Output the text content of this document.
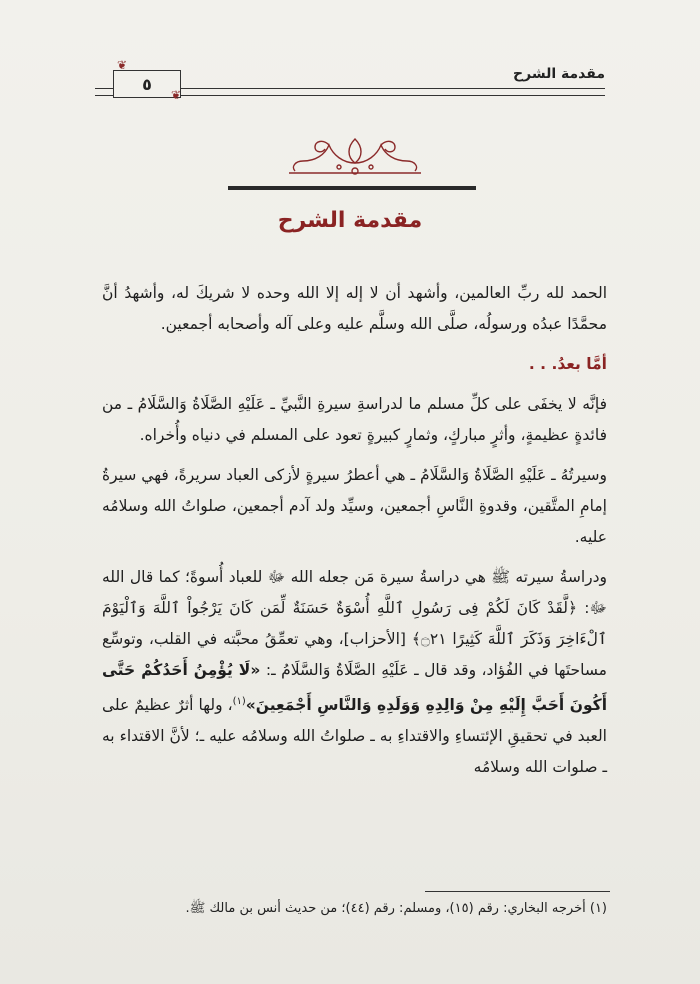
٥
❦
❦
مقدمة الشرح
مقدمة الشرح

الحمد لله ربِّ العالمين، وأشهد أن لا إله إلا الله وحده لا شريكَ له، وأشهدُ أنَّ محمَّدًا عبدُه ورسولُه، صلَّى الله وسلَّم عليه وعلى آله وأصحابه أجمعين.

أمَّا بعدُ. . .

فإنَّه لا يخفَى على كلِّ مسلم ما لدراسةِ سيرةِ النَّبيِّ ـ عَلَيْهِ الصَّلَاةُ وَالسَّلَامُ ـ من فائدةٍ عظيمةٍ، وأثرٍ مباركٍ، وثمارٍ كبيرةٍ تعود على المسلم في دنياه وأُخراه.

وسيرتُهُ ـ عَلَيْهِ الصَّلَاةُ وَالسَّلَامُ ـ هي أعطرُ سيرةٍ لأزكى العباد سريرةً، فهي سيرةُ إمامِ المتَّقين، وقدوةِ النَّاسِ أجمعين، وسيِّد ولد آدم أجمعين، صلواتُ الله وسلامُه عليه.

ودراسةُ سيرته ﷺ هي دراسةُ سيرة مَن جعله الله ﷻ للعباد أُسوةً؛ كما قال الله ﷻ: ﴿لَّقَدْ كَانَ لَكُمْ فِى رَسُولِ ٱللَّهِ أُسْوَةٌ حَسَنَةٌ لِّمَن كَانَ يَرْجُواْ ٱللَّهَ وَٱلْيَوْمَ ٱلْءَاخِرَ وَذَكَرَ ٱللَّهَ كَثِيرًا ۝٢١﴾ [الأحزاب]، وهي تعمِّقُ محبَّته في القلب، وتوسِّع مساحتَها في الفُؤاد، وقد قال ـ عَلَيْهِ الصَّلَاةُ وَالسَّلَامُ ـ: «لَا يُؤْمِنُ أَحَدُكُمْ حَتَّى أَكُونَ أَحَبَّ إِلَيْهِ مِنْ وَالِدِهِ وَوَلَدِهِ وَالنَّاسِ أَجْمَعِينَ»$^{(١)}$، ولها أثرٌ عظيمٌ على العبد في تحقيقِ الإئتساءِ والاقتداءِ به ـ صلواتُ الله وسلامُه عليه ـ؛ لأنَّ الاقتداء به ـ صلوات الله وسلامُه

(١) أخرجه البخاري: رقم (١٥)، ومسلم: رقم (٤٤)؛ من حديث أنس بن مالك ﷺ.
